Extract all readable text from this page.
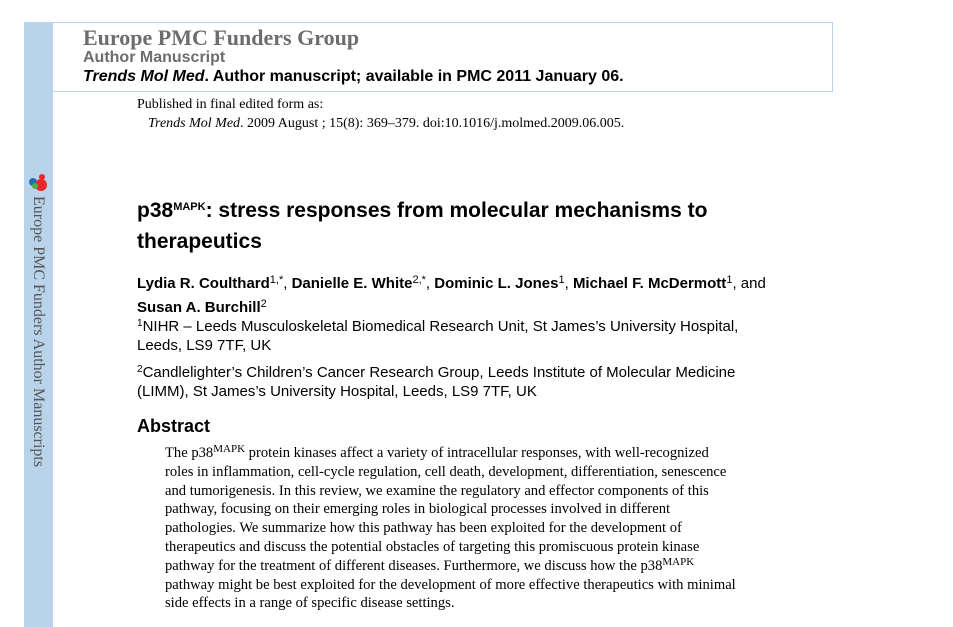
Europe PMC Funders Author Manuscripts
Europe PMC Funders Group
Author Manuscript
Trends Mol Med. Author manuscript; available in PMC 2011 January 06.
Published in final edited form as:
Trends Mol Med. 2009 August ; 15(8): 369–379. doi:10.1016/j.molmed.2009.06.005.
$p38^{MAPK}$: stress responses from molecular mechanisms to
therapeutics
Lydia R. Coulthard$^{1,*}$, Danielle E. White$^{2,*}$, Dominic L. Jones$^1$, Michael F. McDermott$^1$, and
Susan A. Burchill$^2$
$^1$NIHR – Leeds Musculoskeletal Biomedical Research Unit, St James’s University Hospital,
Leeds, LS9 7TF, UK
$^2$Candlelighter’s Children’s Cancer Research Group, Leeds Institute of Molecular Medicine
(LIMM), St James’s University Hospital, Leeds, LS9 7TF, UK
Abstract
The $p38^{MAPK}$ protein kinases affect a variety of intracellular responses, with well-recognized
roles in inflammation, cell-cycle regulation, cell death, development, differentiation, senescence
and tumorigenesis. In this review, we examine the regulatory and effector components of this
pathway, focusing on their emerging roles in biological processes involved in different
pathologies. We summarize how this pathway has been exploited for the development of
therapeutics and discuss the potential obstacles of targeting this promiscuous protein kinase
pathway for the treatment of different diseases. Furthermore, we discuss how the $p38^{MAPK}$
pathway might be best exploited for the development of more effective therapeutics with minimal
side effects in a range of specific disease settings.
